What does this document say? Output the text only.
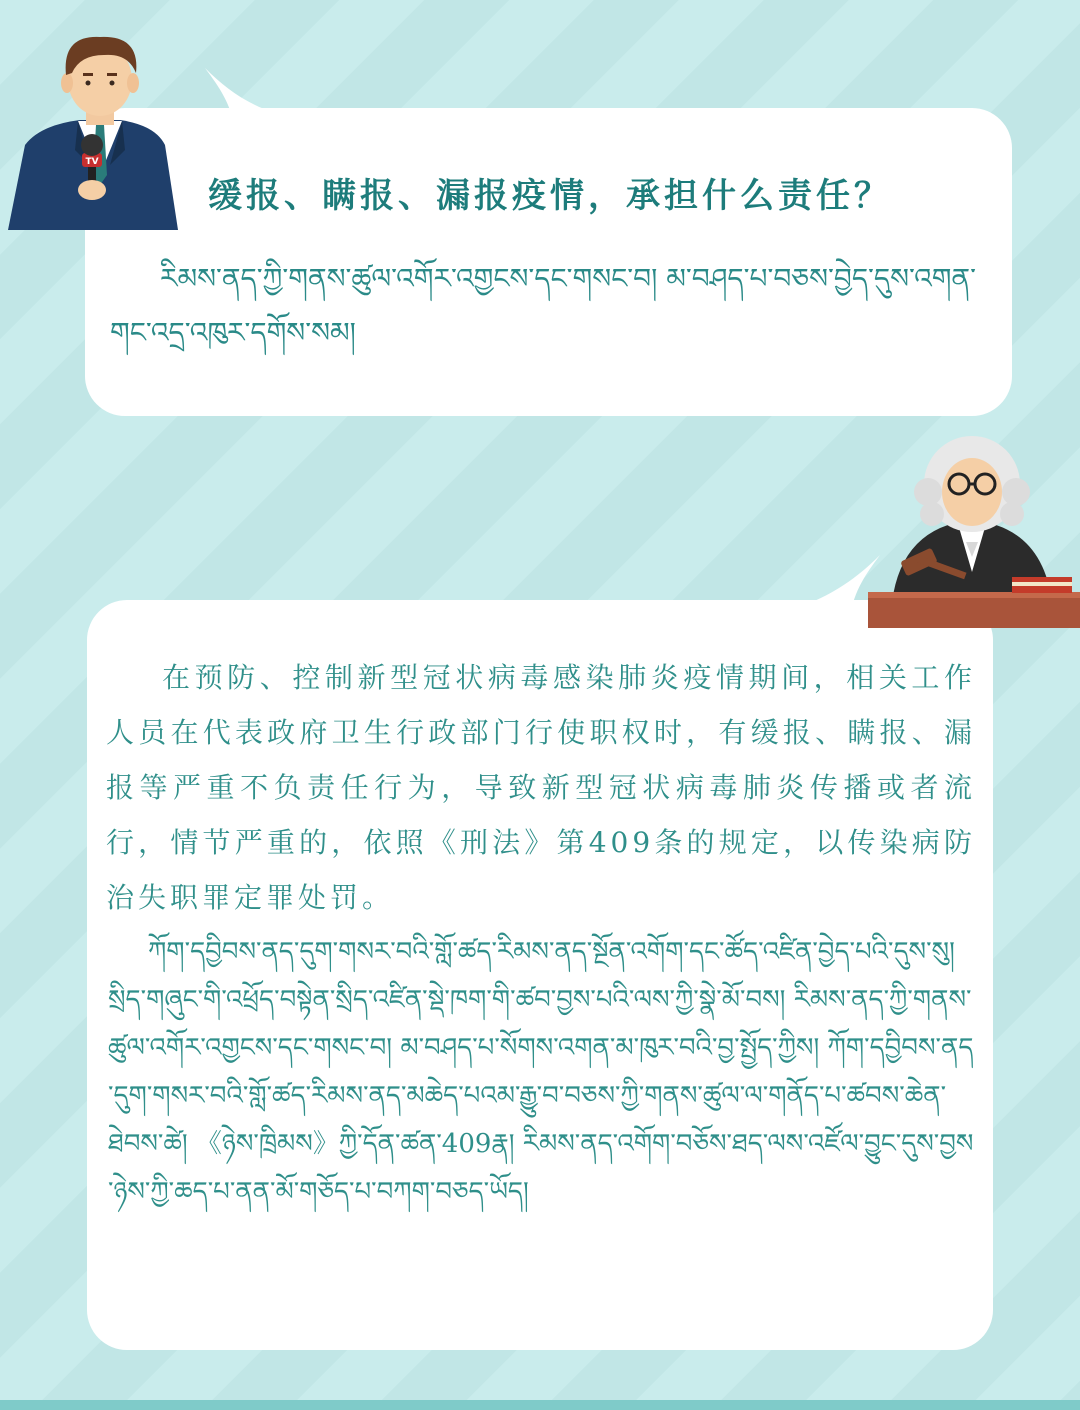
TV
缓报、瞒报、漏报疫情，承担什么责任？

རིམས་ནད་ཀྱི་གནས་ཚུལ་འགོར་འགྱངས་དང་གསང་བ། མ་བཤད་པ་བཅས་བྱེད་དུས་འགན་གང་འདྲ་འཁུར་དགོས་སམ།

在预防、控制新型冠状病毒感染肺炎疫情期间，相关工作人员在代表政府卫生行政部门行使职权时，有缓报、瞒报、漏报等严重不负责任行为，导致新型冠状病毒肺炎传播或者流行，情节严重的，依照《刑法》第409条的规定，以传染病防治失职罪定罪处罚。

ཀོག་དབྱིབས་ནད་དུག་གསར་བའི་གློ་ཚད་རིམས་ནད་སྔོན་འགོག་དང་ཚོད་འཛིན་བྱེད་པའི་དུས་སུ། སྲིད་གཞུང་གི་འཕྲོད་བསྟེན་སྲིད་འཛིན་སྡེ་ཁག་གི་ཚབ་བྱས་པའི་ལས་ཀྱི་སྣེ་མོ་བས། རིམས་ནད་ཀྱི་གནས་ཚུལ་འགོར་འགྱངས་དང་གསང་བ། མ་བཤད་པ་སོགས་འགན་མ་ཁུར་བའི་བྱ་སྤྱོད་ཀྱིས། ཀོག་དབྱིབས་ནད་དུག་གསར་བའི་གློ་ཚད་རིམས་ནད་མཆེད་པའམ་རྒྱུ་བ་བཅས་ཀྱི་གནས་ཚུལ་ལ་གནོད་པ་ཚབས་ཆེན་ཐེབས་ཚེ། 《ཉེས་ཁྲིམས》ཀྱི་དོན་ཚན་409རྣ། རིམས་ནད་འགོག་བཅོས་ཐད་ལས་འཛོལ་བྱུང་དུས་བྱས་ཉེས་ཀྱི་ཆད་པ་ནན་མོ་གཅོད་པ་བཀག་བཅད་ཡོད།
